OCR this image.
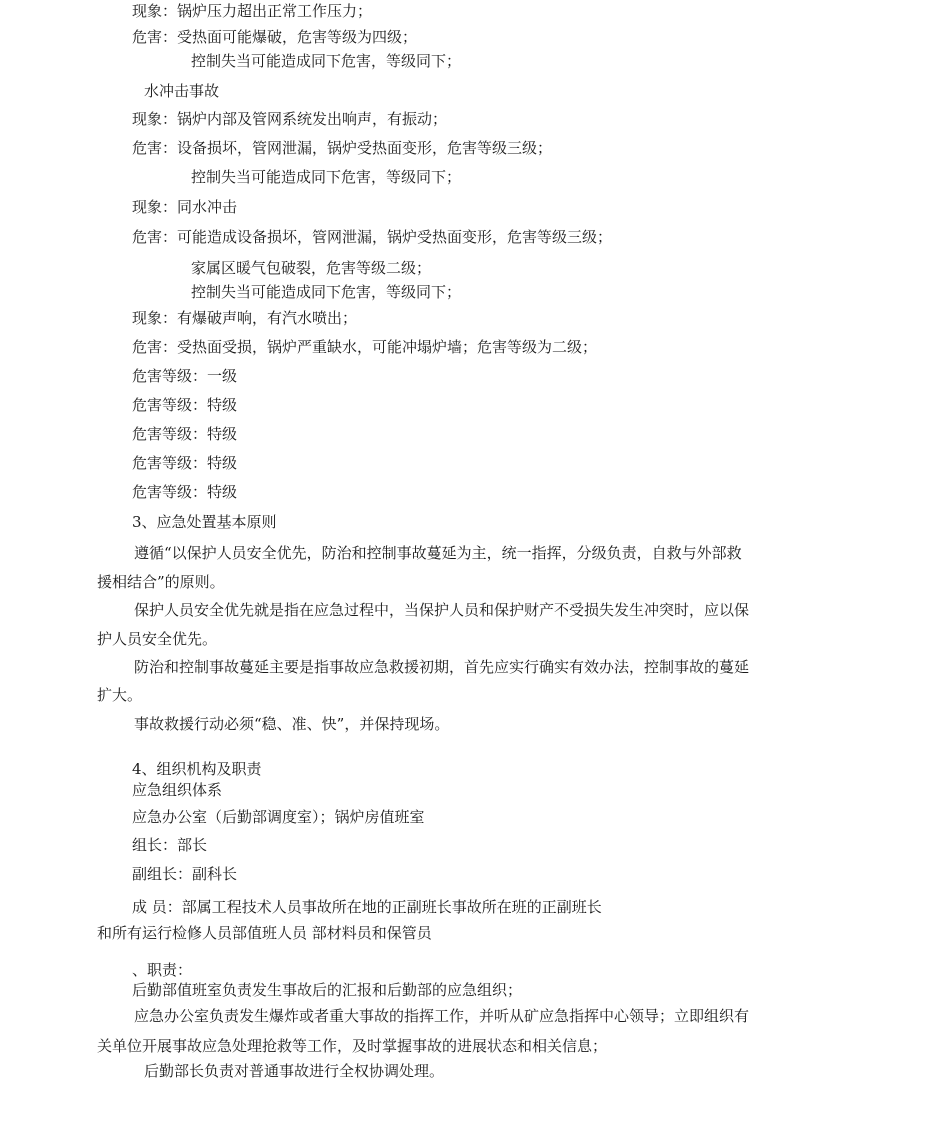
现象：锅炉压力超出正常工作压力；
危害：受热面可能爆破，危害等级为四级；
控制失当可能造成同下危害，等级同下；
水冲击事故
现象：锅炉内部及管网系统发出响声，有振动；
危害：设备损坏，管网泄漏，锅炉受热面变形，危害等级三级；
控制失当可能造成同下危害，等级同下；
现象：同水冲击
危害：可能造成设备损坏，管网泄漏，锅炉受热面变形，危害等级三级；
家属区暖气包破裂，危害等级二级；
控制失当可能造成同下危害，等级同下；
现象：有爆破声响，有汽水喷出；
危害：受热面受损，锅炉严重缺水，可能冲塌炉墙；危害等级为二级；
危害等级：一级
危害等级：特级
危害等级：特级
危害等级：特级
危害等级：特级
3、应急处置基本原则
遵循“以保护人员安全优先，防治和控制事故蔓延为主，统一指挥，分级负责，自救与外部救
援相结合”的原则。
保护人员安全优先就是指在应急过程中，当保护人员和保护财产不受损失发生冲突时，应以保
护人员安全优先。
防治和控制事故蔓延主要是指事故应急救援初期，首先应实行确实有效办法，控制事故的蔓延
扩大。
事故救援行动必须“稳、准、快”，并保持现场。
4、组织机构及职责
应急组织体系
应急办公室（后勤部调度室）；锅炉房值班室
组长：部长
副组长：副科长
成 员：部属工程技术人员事故所在地的正副班长事故所在班的正副班长
和所有运行检修人员部值班人员 部材料员和保管员
、职责：
后勤部值班室负责发生事故后的汇报和后勤部的应急组织；
应急办公室负责发生爆炸或者重大事故的指挥工作，并听从矿应急指挥中心领导；立即组织有
关单位开展事故应急处理抢救等工作，及时掌握事故的进展状态和相关信息；
后勤部长负责对普通事故进行全权协调处理。
